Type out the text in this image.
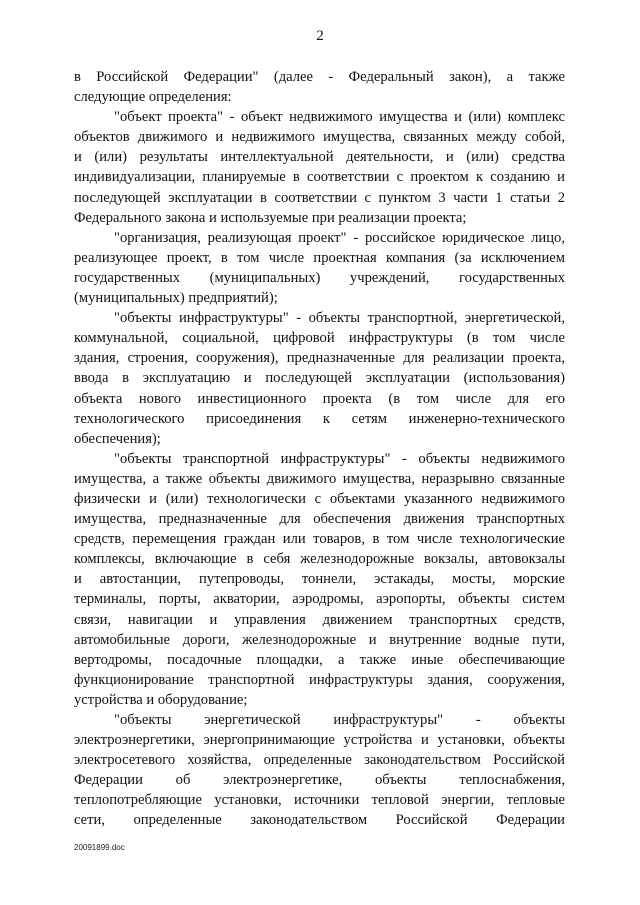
2
в Российской Федерации" (далее - Федеральный закон), а также
следующие определения:
"объект проекта" - объект недвижимого имущества и (или) комплекс
объектов движимого и недвижимого имущества, связанных между собой,
и (или) результаты интеллектуальной деятельности, и (или) средства
индивидуализации, планируемые в соответствии с проектом к созданию и
последующей эксплуатации в соответствии с пунктом 3 части 1 статьи 2
Федерального закона и используемые при реализации проекта;
"организация, реализующая проект" - российское юридическое лицо,
реализующее проект, в том числе проектная компания (за исключением
государственных (муниципальных) учреждений, государственных
(муниципальных) предприятий);
"объекты инфраструктуры" - объекты транспортной, энергетической,
коммунальной, социальной, цифровой инфраструктуры (в том числе
здания, строения, сооружения), предназначенные для реализации проекта,
ввода в эксплуатацию и последующей эксплуатации (использования)
объекта нового инвестиционного проекта (в том числе для его
технологического присоединения к сетям инженерно-технического
обеспечения);
"объекты транспортной инфраструктуры" - объекты недвижимого
имущества, а также объекты движимого имущества, неразрывно связанные
физически и (или) технологически с объектами указанного недвижимого
имущества, предназначенные для обеспечения движения транспортных
средств, перемещения граждан или товаров, в том числе технологические
комплексы, включающие в себя железнодорожные вокзалы, автовокзалы
и автостанции, путепроводы, тоннели, эстакады, мосты, морские
терминалы, порты, акватории, аэродромы, аэропорты, объекты систем
связи, навигации и управления движением транспортных средств,
автомобильные дороги, железнодорожные и внутренние водные пути,
вертодромы, посадочные площадки, а также иные обеспечивающие
функционирование транспортной инфраструктуры здания, сооружения,
устройства и оборудование;
"объекты энергетической инфраструктуры" - объекты
электроэнергетики, энергопринимающие устройства и установки, объекты
электросетевого хозяйства, определенные законодательством Российской
Федерации об электроэнергетике, объекты теплоснабжения,
теплопотребляющие установки, источники тепловой энергии, тепловые
сети, определенные законодательством Российской Федерации
20091899.doc
